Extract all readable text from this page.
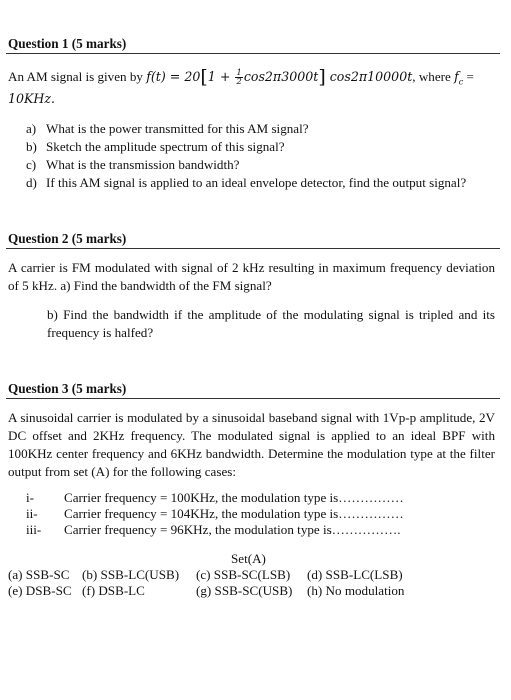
Question 1 (5 marks)
An AM signal is given by $f(t) = 20[1 + \frac{1}{2} \cos 2\pi 3000t]$ cos2π10000t, where $f_c$ =
10KHz.
a) What is the power transmitted for this AM signal?
b) Sketch the amplitude spectrum of this signal?
c) What is the transmission bandwidth?
d) If this AM signal is applied to an ideal envelope detector, find the output signal?
Question 2 (5 marks)
A carrier is FM modulated with signal of 2 kHz resulting in maximum frequency deviation of 5 kHz. a) Find the bandwidth of the FM signal?
b) Find the bandwidth if the amplitude of the modulating signal is tripled and its frequency is halfed?
Question 3 (5 marks)
A sinusoidal carrier is modulated by a sinusoidal baseband signal with 1Vp-p amplitude, 2V DC offset and 2KHz frequency. The modulated signal is applied to an ideal BPF with 100KHz center frequency and 6KHz bandwidth. Determine the modulation type at the filter output from set (A) for the following cases:
i- Carrier frequency = 100KHz, the modulation type is……………
ii- Carrier frequency = 104KHz, the modulation type is……………
iii- Carrier frequency = 96KHz, the modulation type is…………….
Set(A)
(a) SSB-SC (b) SSB-LC(USB) (c) SSB-SC(LSB) (d) SSB-LC(LSB)
(e) DSB-SC (f) DSB-LC	(g) SSB-SC(USB) (h) No modulation
